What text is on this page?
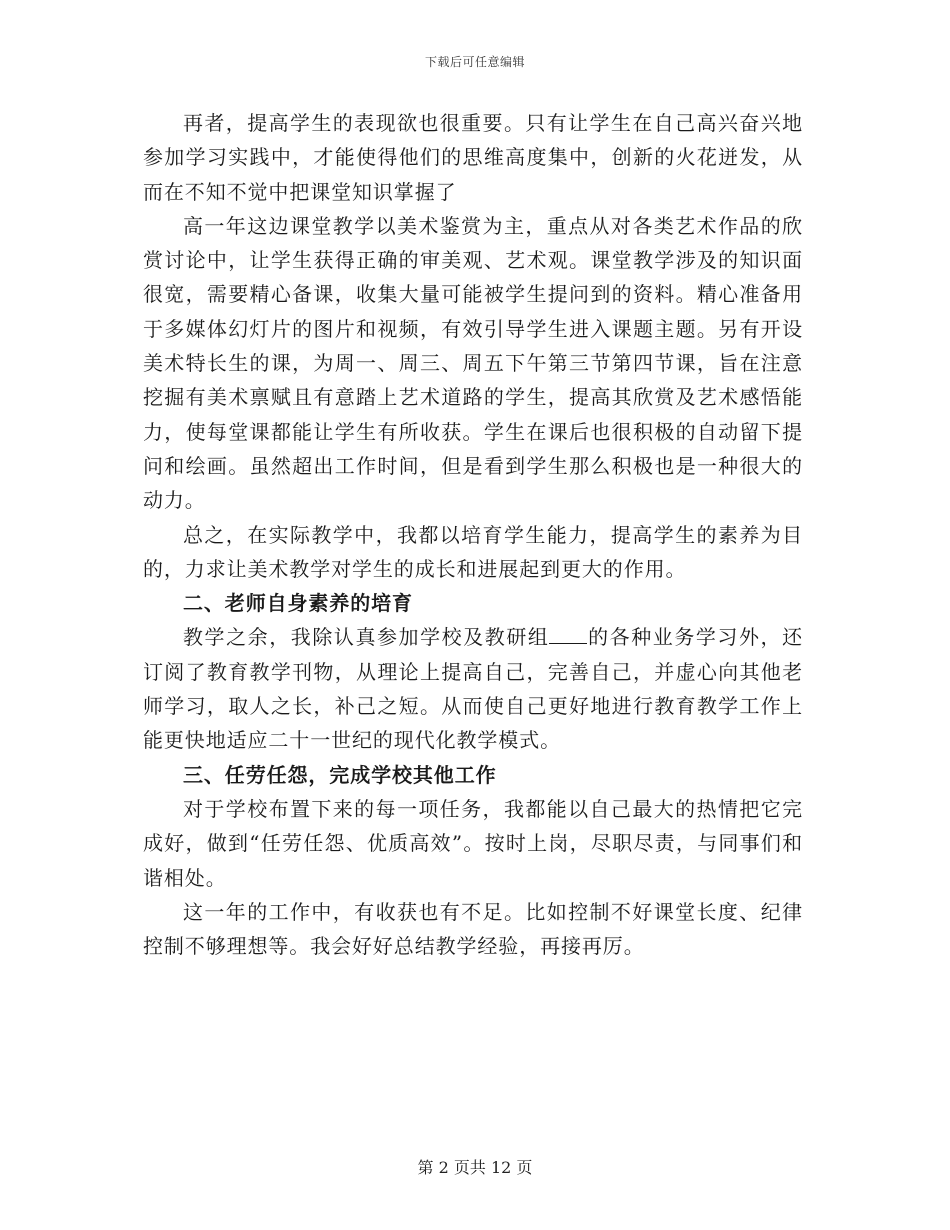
下载后可任意编辑

再者，提高学生的表现欲也很重要。只有让学生在自己高兴奋兴地参加学习实践中，才能使得他们的思维高度集中，创新的火花迸发，从而在不知不觉中把课堂知识掌握了

高一年这边课堂教学以美术鉴赏为主，重点从对各类艺术作品的欣赏讨论中，让学生获得正确的审美观、艺术观。课堂教学涉及的知识面很宽，需要精心备课，收集大量可能被学生提问到的资料。精心准备用于多媒体幻灯片的图片和视频，有效引导学生进入课题主题。另有开设美术特长生的课，为周一、周三、周五下午第三节第四节课，旨在注意挖掘有美术禀赋且有意踏上艺术道路的学生，提高其欣赏及艺术感悟能力，使每堂课都能让学生有所收获。学生在课后也很积极的自动留下提问和绘画。虽然超出工作时间，但是看到学生那么积极也是一种很大的动力。

总之，在实际教学中，我都以培育学生能力，提高学生的素养为目的，力求让美术教学对学生的成长和进展起到更大的作用。

二、老师自身素养的培育

教学之余，我除认真参加学校及教研组 的各种业务学习外，还订阅了教育教学刊物，从理论上提高自己，完善自己，并虚心向其他老师学习，取人之长，补己之短。从而使自己更好地进行教育教学工作上能更快地适应二十一世纪的现代化教学模式。

三、任劳任怨，完成学校其他工作

对于学校布置下来的每一项任务，我都能以自己最大的热情把它完成好，做到“任劳任怨、优质高效”。按时上岗，尽职尽责，与同事们和谐相处。

这一年的工作中，有收获也有不足。比如控制不好课堂长度、纪律控制不够理想等。我会好好总结教学经验，再接再厉。

第 2 页共 12 页
